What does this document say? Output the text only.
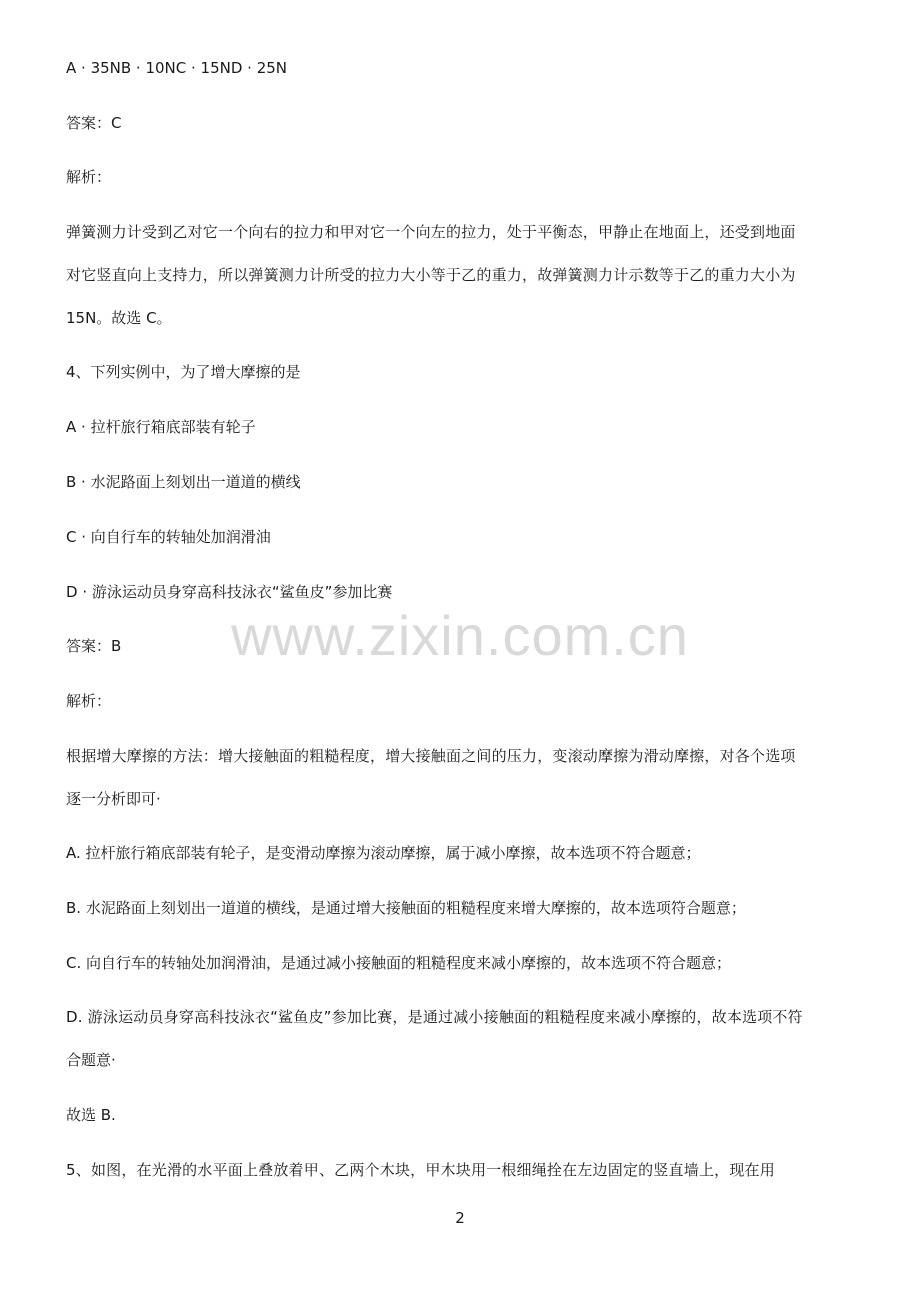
A · 35NB · 10NC · 15ND · 25N
答案：C
解析：
弹簧测力计受到乙对它一个向右的拉力和甲对它一个向左的拉力，处于平衡态，甲静止在地面上，还受到地面
对它竖直向上支持力，所以弹簧测力计所受的拉力大小等于乙的重力，故弹簧测力计示数等于乙的重力大小为
15N。故选 C。
4、下列实例中，为了增大摩擦的是
A · 拉杆旅行箱底部装有轮子
B · 水泥路面上刻划出一道道的横线
C · 向自行车的转轴处加润滑油
D · 游泳运动员身穿高科技泳衣“鲨鱼皮”参加比赛
答案：B
解析：
根据增大摩擦的方法：增大接触面的粗糙程度，增大接触面之间的压力，变滚动摩擦为滑动摩擦，对各个选项
逐一分析即可·
A. 拉杆旅行箱底部装有轮子，是变滑动摩擦为滚动摩擦，属于减小摩擦，故本选项不符合题意；
B. 水泥路面上刻划出一道道的横线，是通过增大接触面的粗糙程度来增大摩擦的，故本选项符合题意；
C. 向自行车的转轴处加润滑油，是通过减小接触面的粗糙程度来减小摩擦的，故本选项不符合题意；
D. 游泳运动员身穿高科技泳衣“鲨鱼皮”参加比赛，是通过减小接触面的粗糙程度来减小摩擦的，故本选项不符
合题意·
故选 B.
5、如图，在光滑的水平面上叠放着甲、乙两个木块，甲木块用一根细绳拴在左边固定的竖直墙上，现在用
www.zixin.com.cn
2
